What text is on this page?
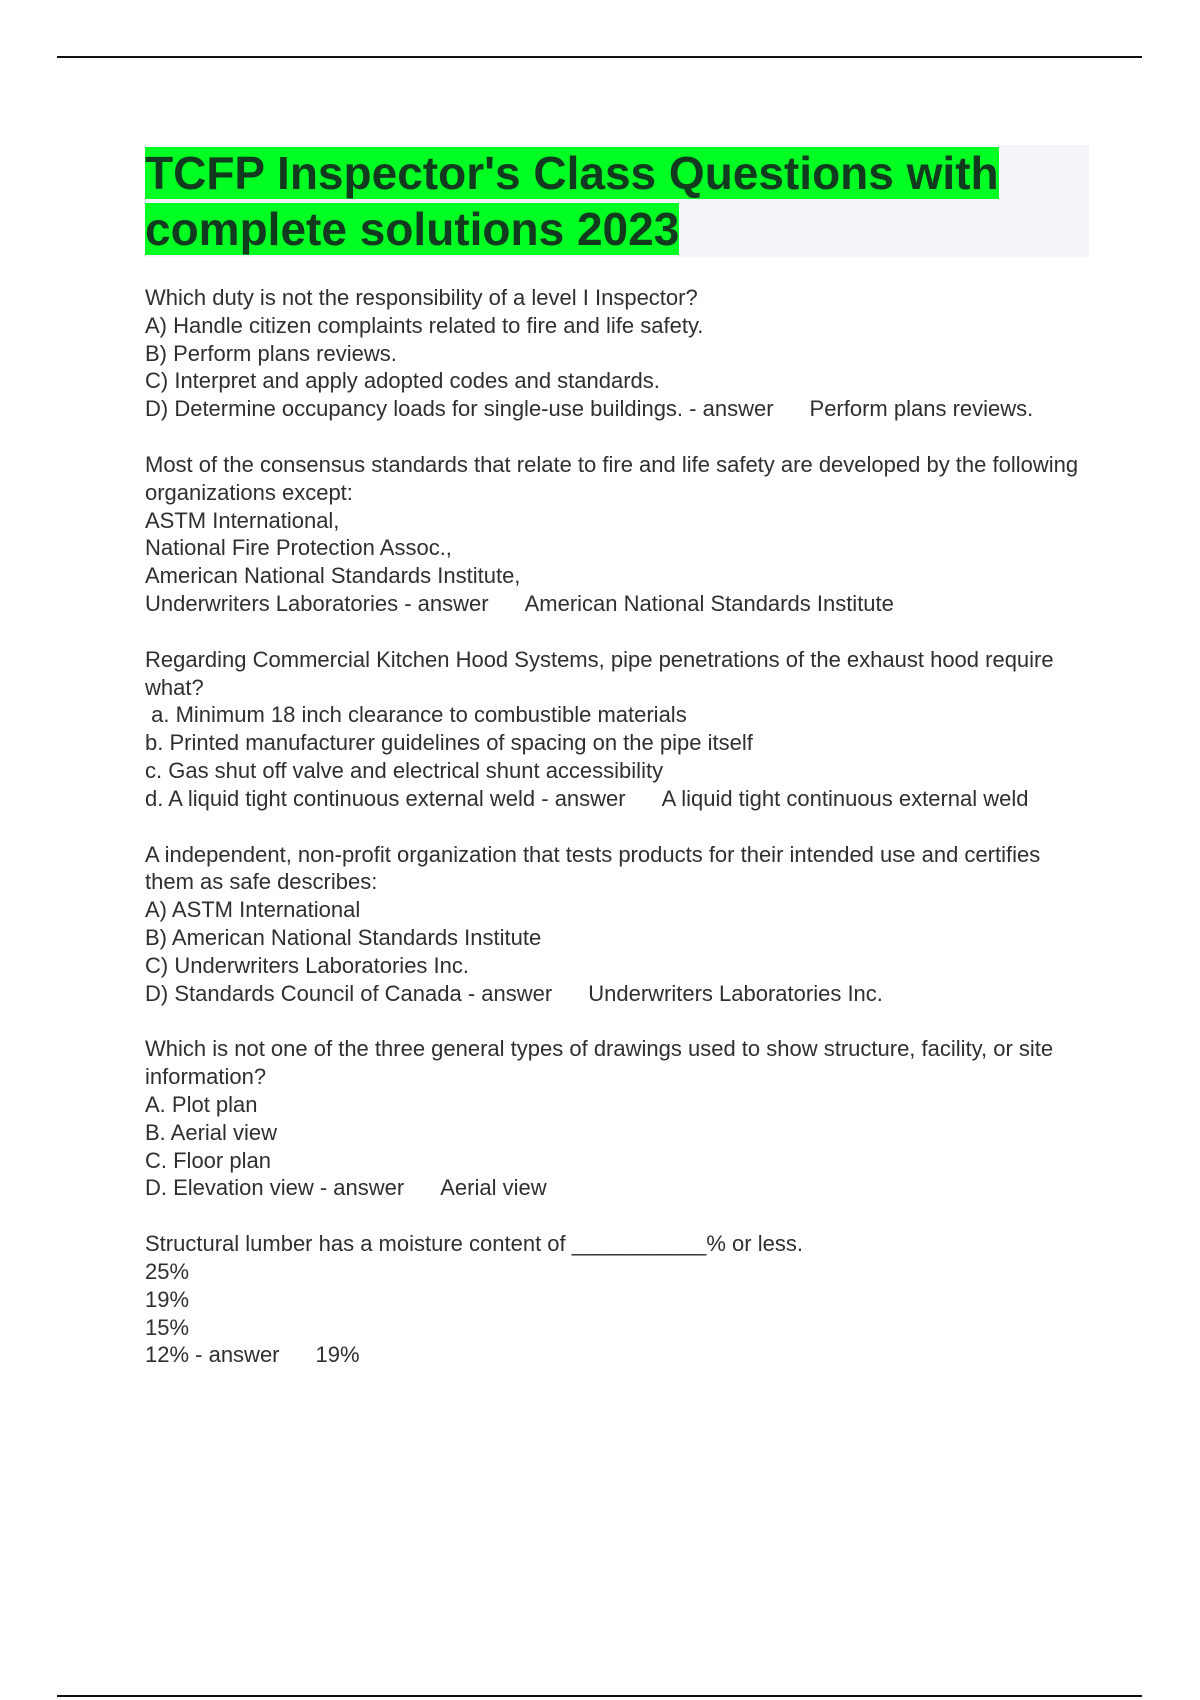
TCFP Inspector's Class Questions with
complete solutions 2023
Which duty is not the responsibility of a level I Inspector?
A) Handle citizen complaints related to fire and life safety.
B) Perform plans reviews.
C) Interpret and apply adopted codes and standards.
D) Determine occupancy loads for single-use buildings. - answer Perform plans reviews.
Most of the consensus standards that relate to fire and life safety are developed by the following organizations except:
ASTM International,
National Fire Protection Assoc.,
American National Standards Institute,
Underwriters Laboratories - answer American National Standards Institute
Regarding Commercial Kitchen Hood Systems, pipe penetrations of the exhaust hood require what?
a. Minimum 18 inch clearance to combustible materials
b. Printed manufacturer guidelines of spacing on the pipe itself
c. Gas shut off valve and electrical shunt accessibility
d. A liquid tight continuous external weld - answer A liquid tight continuous external weld
A independent, non-profit organization that tests products for their intended use and certifies them as safe describes:
A) ASTM International
B) American National Standards Institute
C) Underwriters Laboratories Inc.
D) Standards Council of Canada - answer Underwriters Laboratories Inc.
Which is not one of the three general types of drawings used to show structure, facility, or site information?
A. Plot plan
B. Aerial view
C. Floor plan
D. Elevation view - answer Aerial view
Structural lumber has a moisture content of ___________% or less.
25%
19%
15%
12% - answer 19%
